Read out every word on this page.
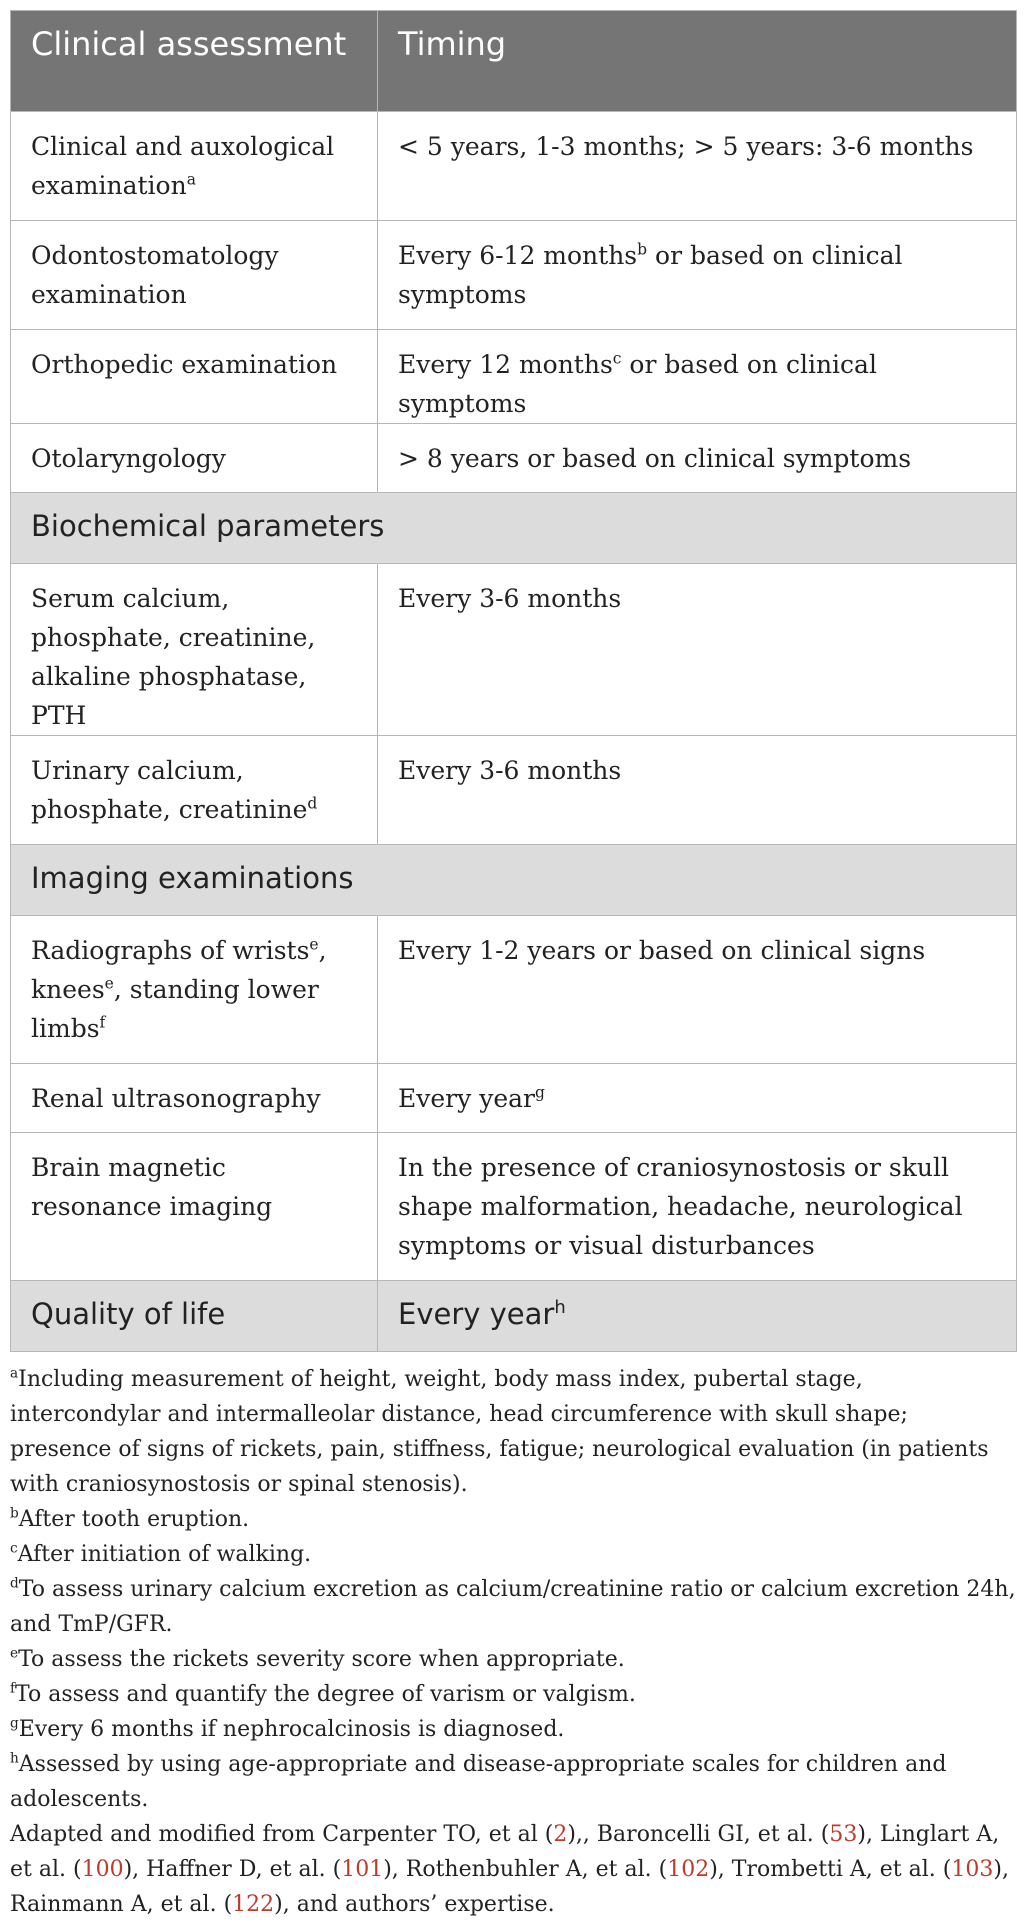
Clinical assessment	Timing
Clinical and auxological examination$^a$	< 5 years, 1-3 months; > 5 years: 3-6 months
Odontostomatology examination	Every 6-12 months$^b$ or based on clinical symptoms
Orthopedic examination	Every 12 months$^c$ or based on clinical symptoms
Otolaryngology	> 8 years or based on clinical symptoms
Biochemical parameters	
Serum calcium, phosphate, creatinine, alkaline phosphatase, PTH	Every 3-6 months
Urinary calcium, phosphate, creatinine$^d$	Every 3-6 months
Imaging examinations	
Radiographs of wrists$^e$, knees$^e$, standing lower limbs$^f$	Every 1-2 years or based on clinical signs
Renal ultrasonography	Every year$^g$
Brain magnetic resonance imaging	In the presence of craniosynostosis or skull shape malformation, headache, neurological symptoms or visual disturbances
Quality of life	Every year$^h$

$^a$Including measurement of height, weight, body mass index, pubertal stage, intercondylar and intermalleolar distance, head circumference with skull shape; presence of signs of rickets, pain, stiffness, fatigue; neurological evaluation (in patients with craniosynostosis or spinal stenosis).

$^b$After tooth eruption.

$^c$After initiation of walking.

$^d$To assess urinary calcium excretion as calcium/creatinine ratio or calcium excretion 24h, and TmP/GFR.

$^e$To assess the rickets severity score when appropriate.

$^f$To assess and quantify the degree of varism or valgism.

$^g$Every 6 months if nephrocalcinosis is diagnosed.

$^h$Assessed by using age-appropriate and disease-appropriate scales for children and adolescents.

Adapted and modified from Carpenter TO, et al (2),, Baroncelli GI, et al. (53), Linglart A, et al. (100), Haffner D, et al. (101), Rothenbuhler A, et al. (102), Trombetti A, et al. (103), Rainmann A, et al. (122), and authors’ expertise.
